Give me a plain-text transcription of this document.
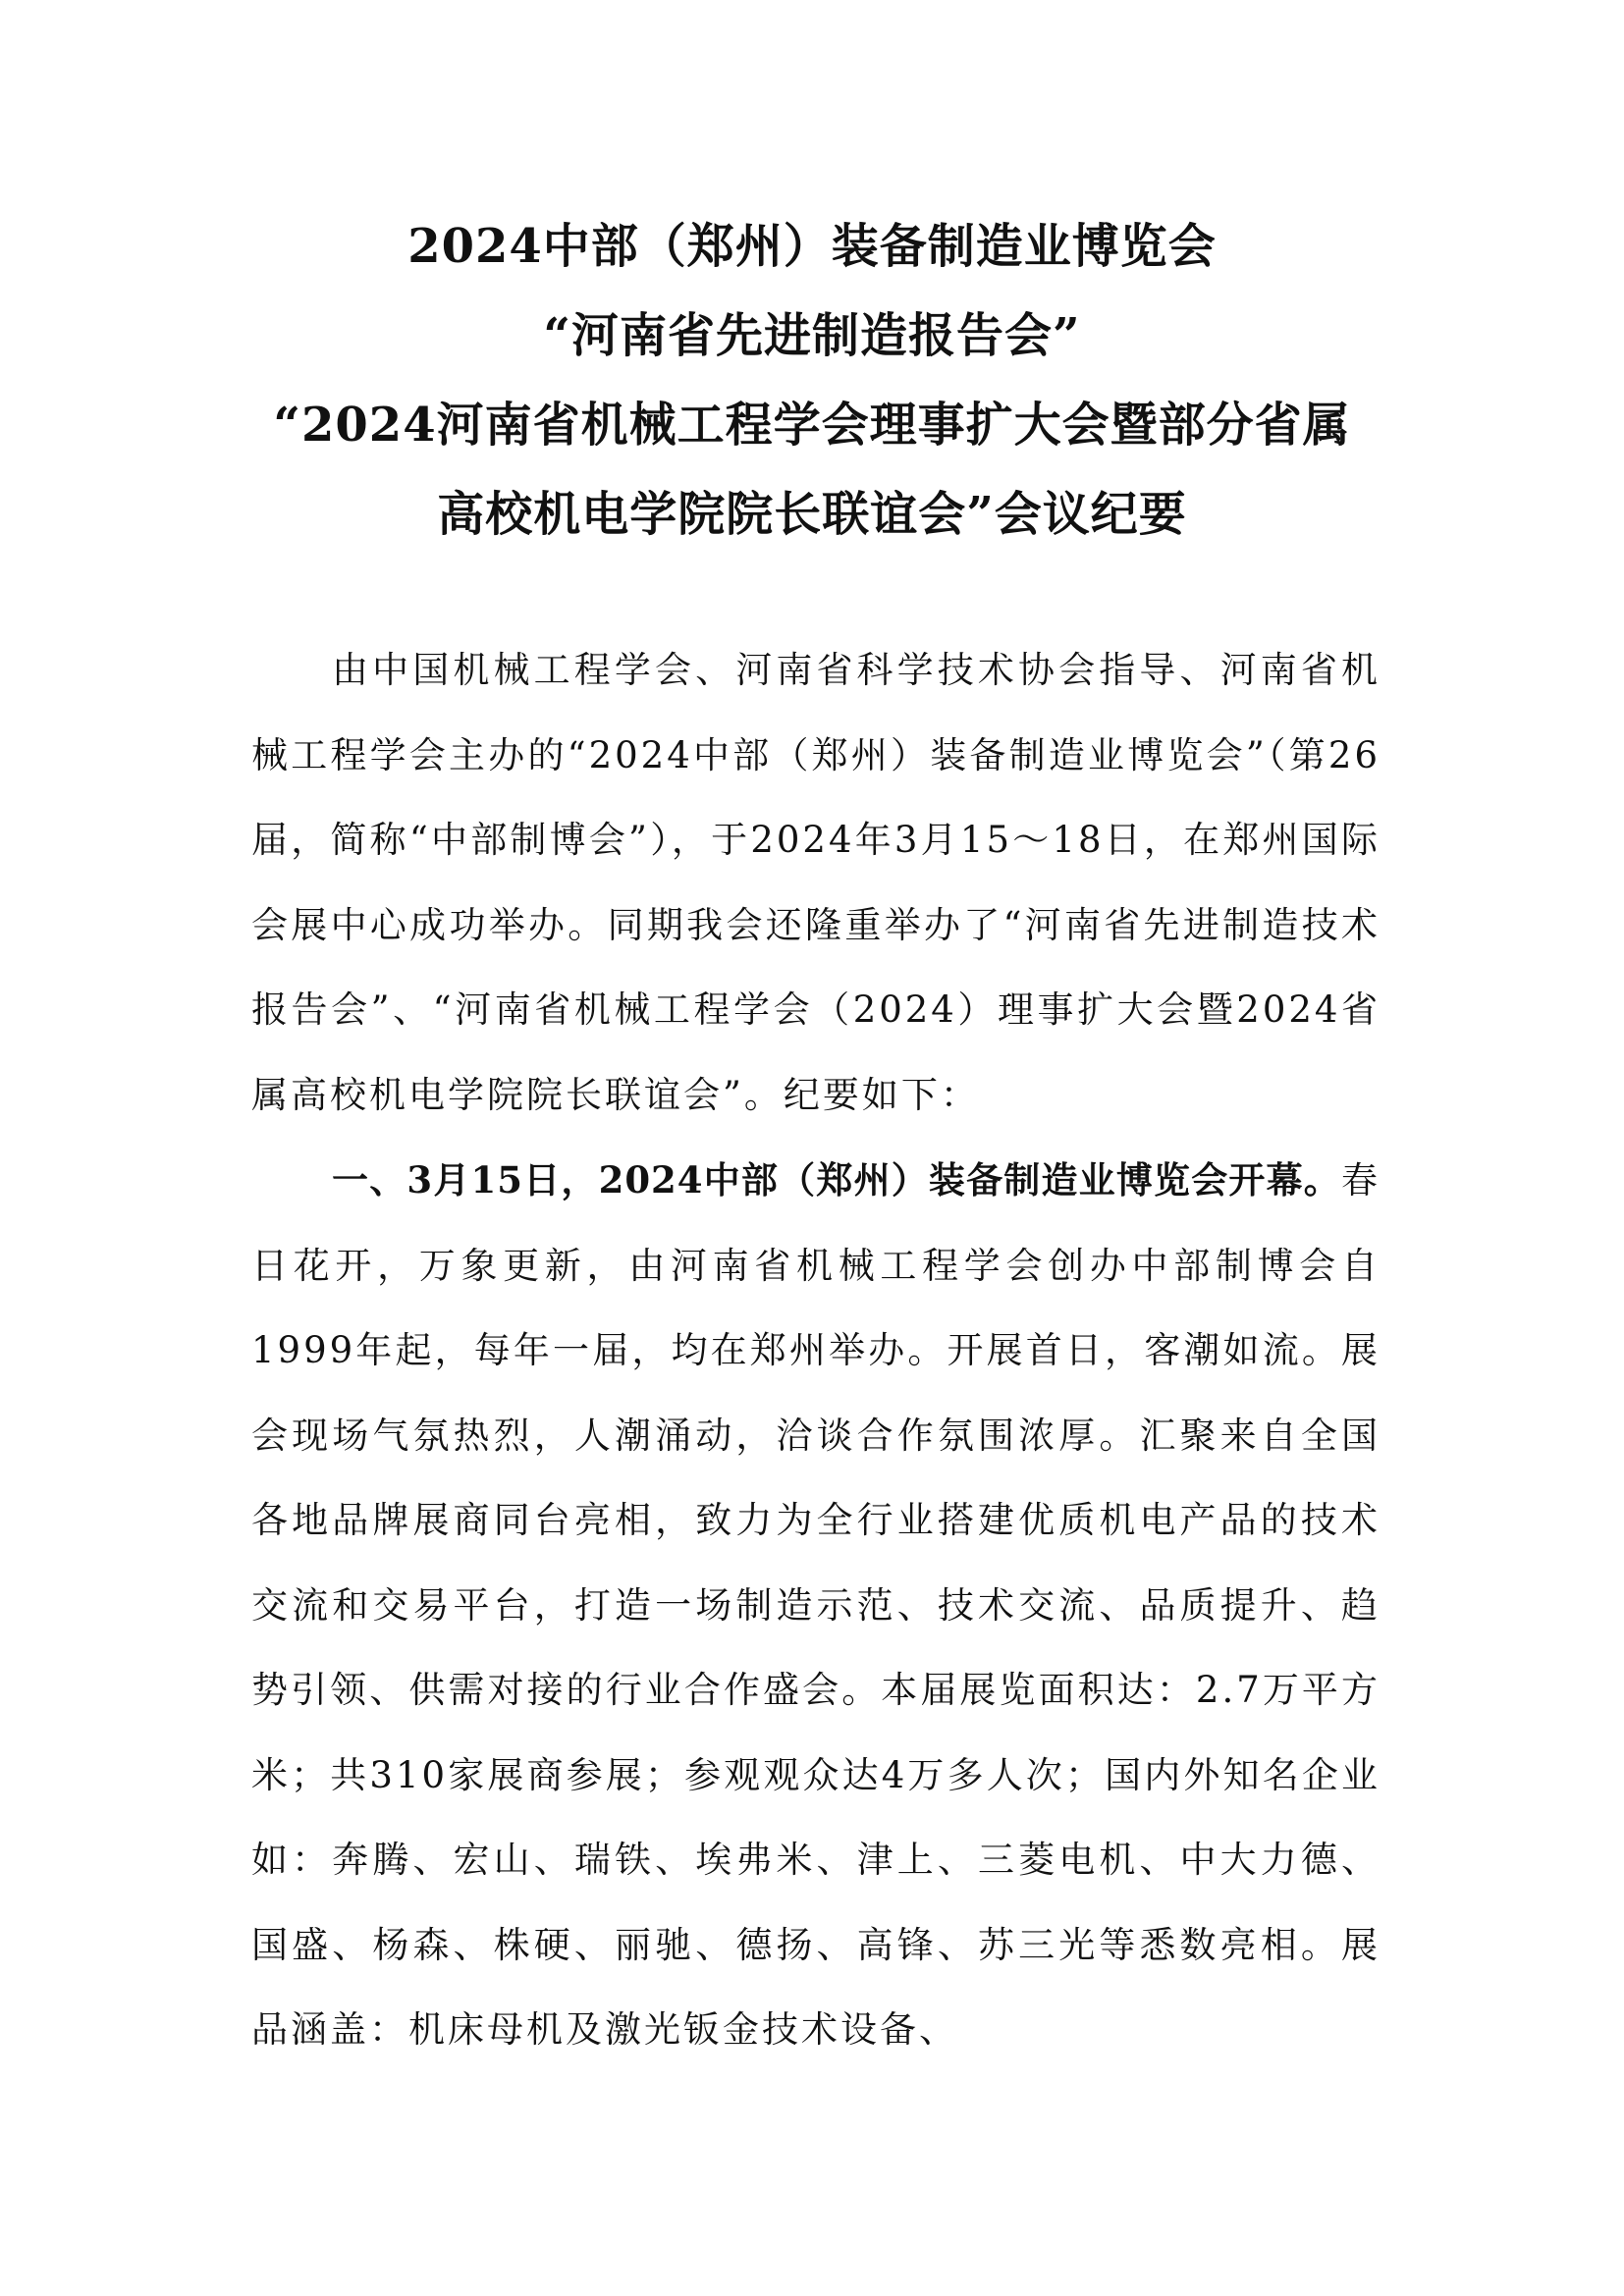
2024中部（郑州）装备制造业博览会
“河南省先进制造报告会”
“2024河南省机械工程学会理事扩大会暨部分省属
高校机电学院院长联谊会”会议纪要

由中国机械工程学会、河南省科学技术协会指导、河南省机械工程学会主办的“2024中部（郑州）装备制造业博览会”（第26届，简称“中部制博会”），于2024年3月15～18日，在郑州国际会展中心成功举办。同期我会还隆重举办了“河南省先进制造技术报告会”、“河南省机械工程学会（2024）理事扩大会暨2024省属高校机电学院院长联谊会”。纪要如下：

一、3月15日，2024中部（郑州）装备制造业博览会开幕。春日花开，万象更新，由河南省机械工程学会创办中部制博会自1999年起，每年一届，均在郑州举办。开展首日，客潮如流。展会现场气氛热烈，人潮涌动，洽谈合作氛围浓厚。汇聚来自全国各地品牌展商同台亮相，致力为全行业搭建优质机电产品的技术交流和交易平台，打造一场制造示范、技术交流、品质提升、趋势引领、供需对接的行业合作盛会。本届展览面积达：2.7万平方米；共310家展商参展；参观观众达4万多人次；国内外知名企业如：奔腾、宏山、瑞铁、埃弗米、津上、三菱电机、中大力德、国盛、杨森、株硬、丽驰、德扬、高锋、苏三光等悉数亮相。展品涵盖：机床母机及激光钣金技术设备、
